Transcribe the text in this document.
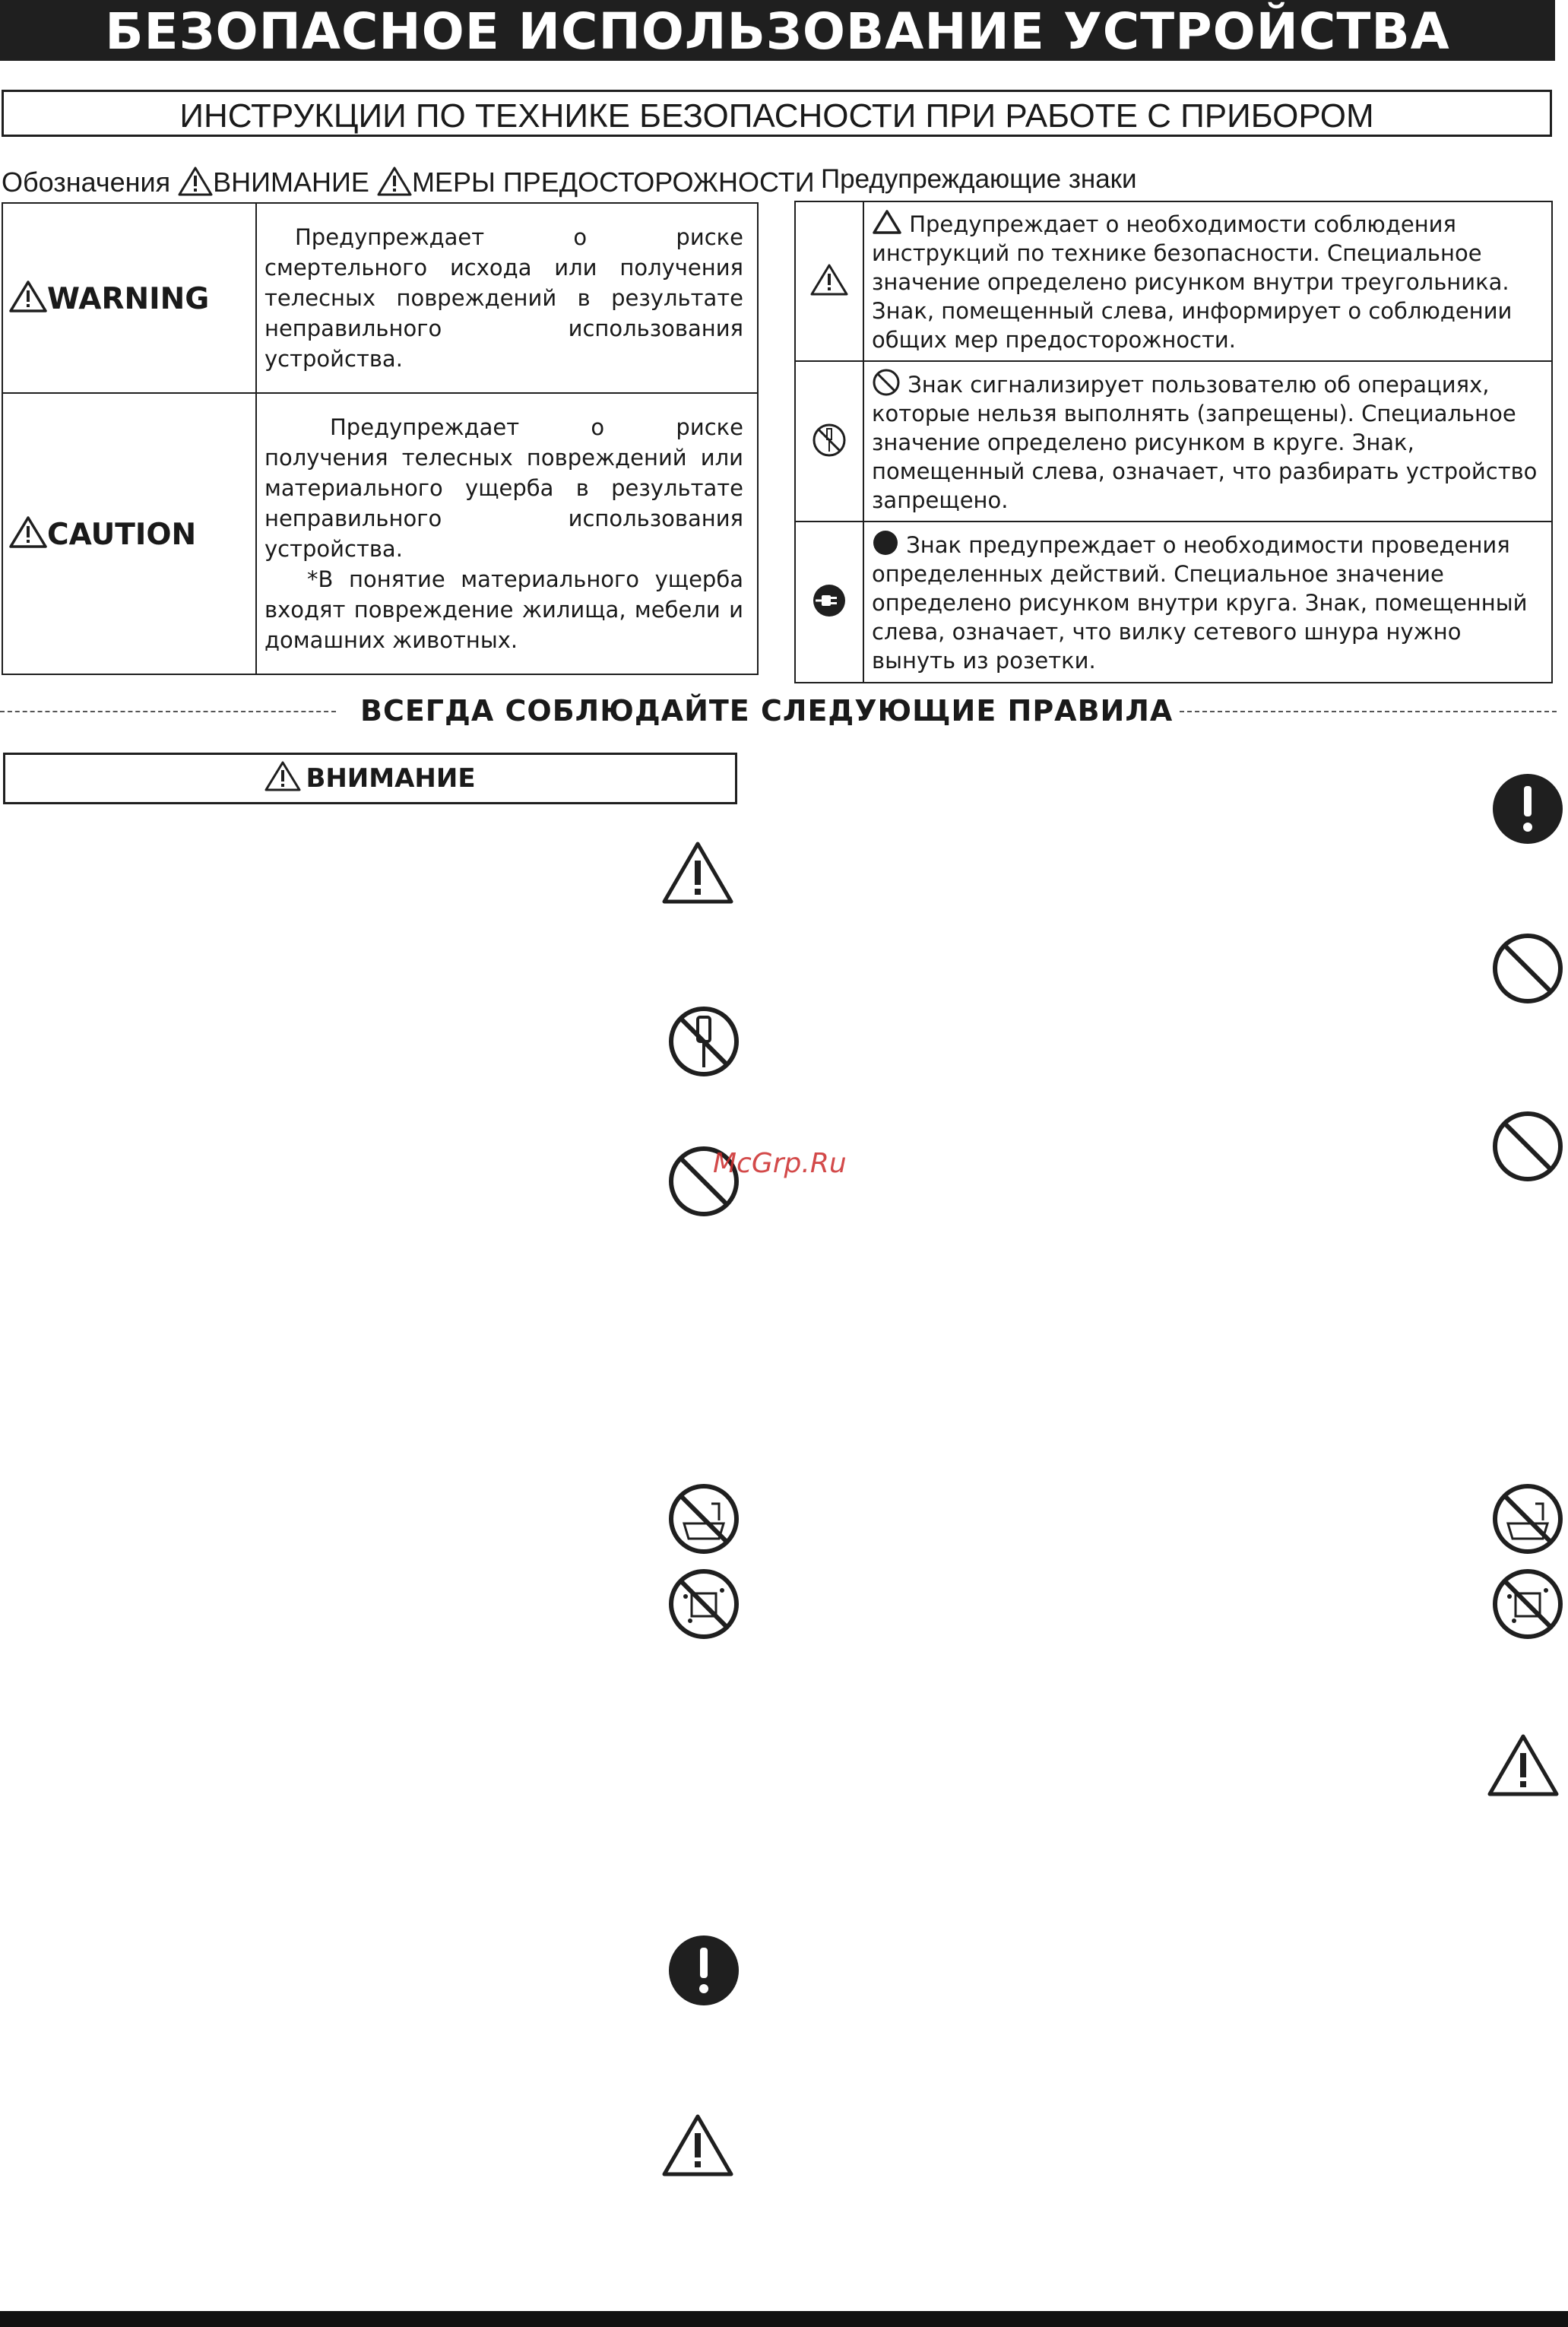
БЕЗОПАСНОЕ ИСПОЛЬЗОВАНИЕ УСТРОЙСТВА
ИНСТРУКЦИИ ПО ТЕХНИКЕ БЕЗОПАСНОСТИ ПРИ РАБОТЕ С ПРИБОРОМ
Обозначения ВНИМАНИЕ МЕРЫ ПРЕДОСТОРОЖНОСТИ Предупреждающие знаки
WARNING	Предупреждает о риске смертельного исхода или получения телесных повреждений в результате неправильного использования устройства.

CAUTION	Предупреждает о риске получения телесных повреждений или материального ущерба в результате неправильного использования устройства.
*В понятие материального ущерба входят повреждение жилища, мебели и домашних животных.
	Предупреждает о необходимости соблюдения инструкций по технике безопасности. Специальное значение определено рисунком внутри треугольника. Знак, помещенный слева, информирует о соблюдении общих мер предосторожности.
	Знак сигнализирует пользователю об операциях, которые нельзя выполнять (запрещены). Специальное значение определено рисунком в круге. Знак, помещенный слева, означает, что разбирать устройство запрещено.
	Знак предупреждает о необходимости проведения определенных действий. Специальное значение определено рисунком внутри круга. Знак, помещенный слева, означает, что вилку сетевого шнура нужно вынуть из розетки.
ВСЕГДА СОБЛЮДАЙТЕ СЛЕДУЮЩИЕ ПРАВИЛА
ВНИМАНИЕ
McGrp.Ru
